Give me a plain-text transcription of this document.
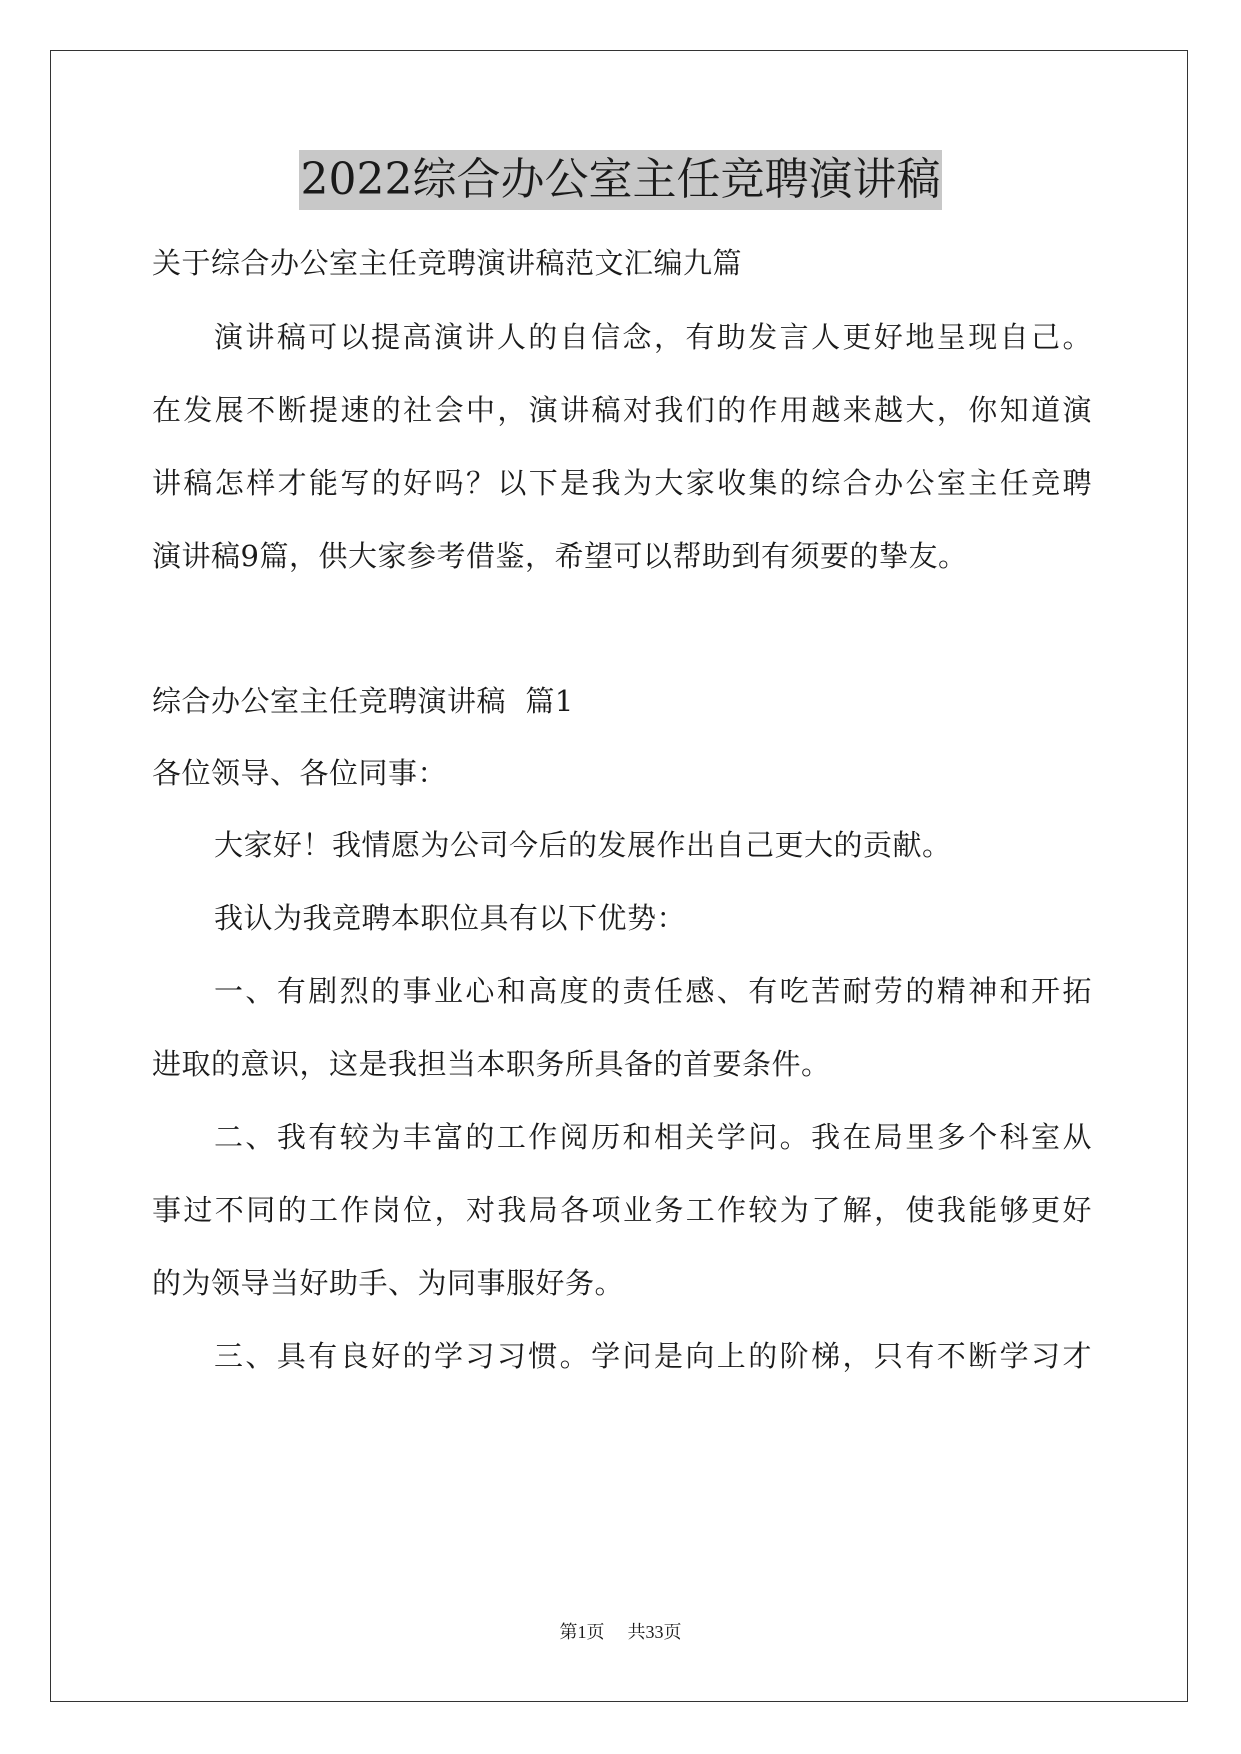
2022综合办公室主任竞聘演讲稿
关于综合办公室主任竞聘演讲稿范文汇编九篇
演讲稿可以提高演讲人的自信念，有助发言人更好地呈现自己。
在发展不断提速的社会中，演讲稿对我们的作用越来越大，你知道演
讲稿怎样才能写的好吗？以下是我为大家收集的综合办公室主任竞聘
演讲稿9篇，供大家参考借鉴，希望可以帮助到有须要的挚友。
综合办公室主任竞聘演讲稿  篇1
各位领导、各位同事：
大家好！我情愿为公司今后的发展作出自己更大的贡献。
我认为我竞聘本职位具有以下优势：
一、有剧烈的事业心和高度的责任感、有吃苦耐劳的精神和开拓
进取的意识，这是我担当本职务所具备的首要条件。
二、我有较为丰富的工作阅历和相关学问。我在局里多个科室从
事过不同的工作岗位，对我局各项业务工作较为了解，使我能够更好
的为领导当好助手、为同事服好务。
三、具有良好的学习习惯。学问是向上的阶梯，只有不断学习才
第1页 共33页
